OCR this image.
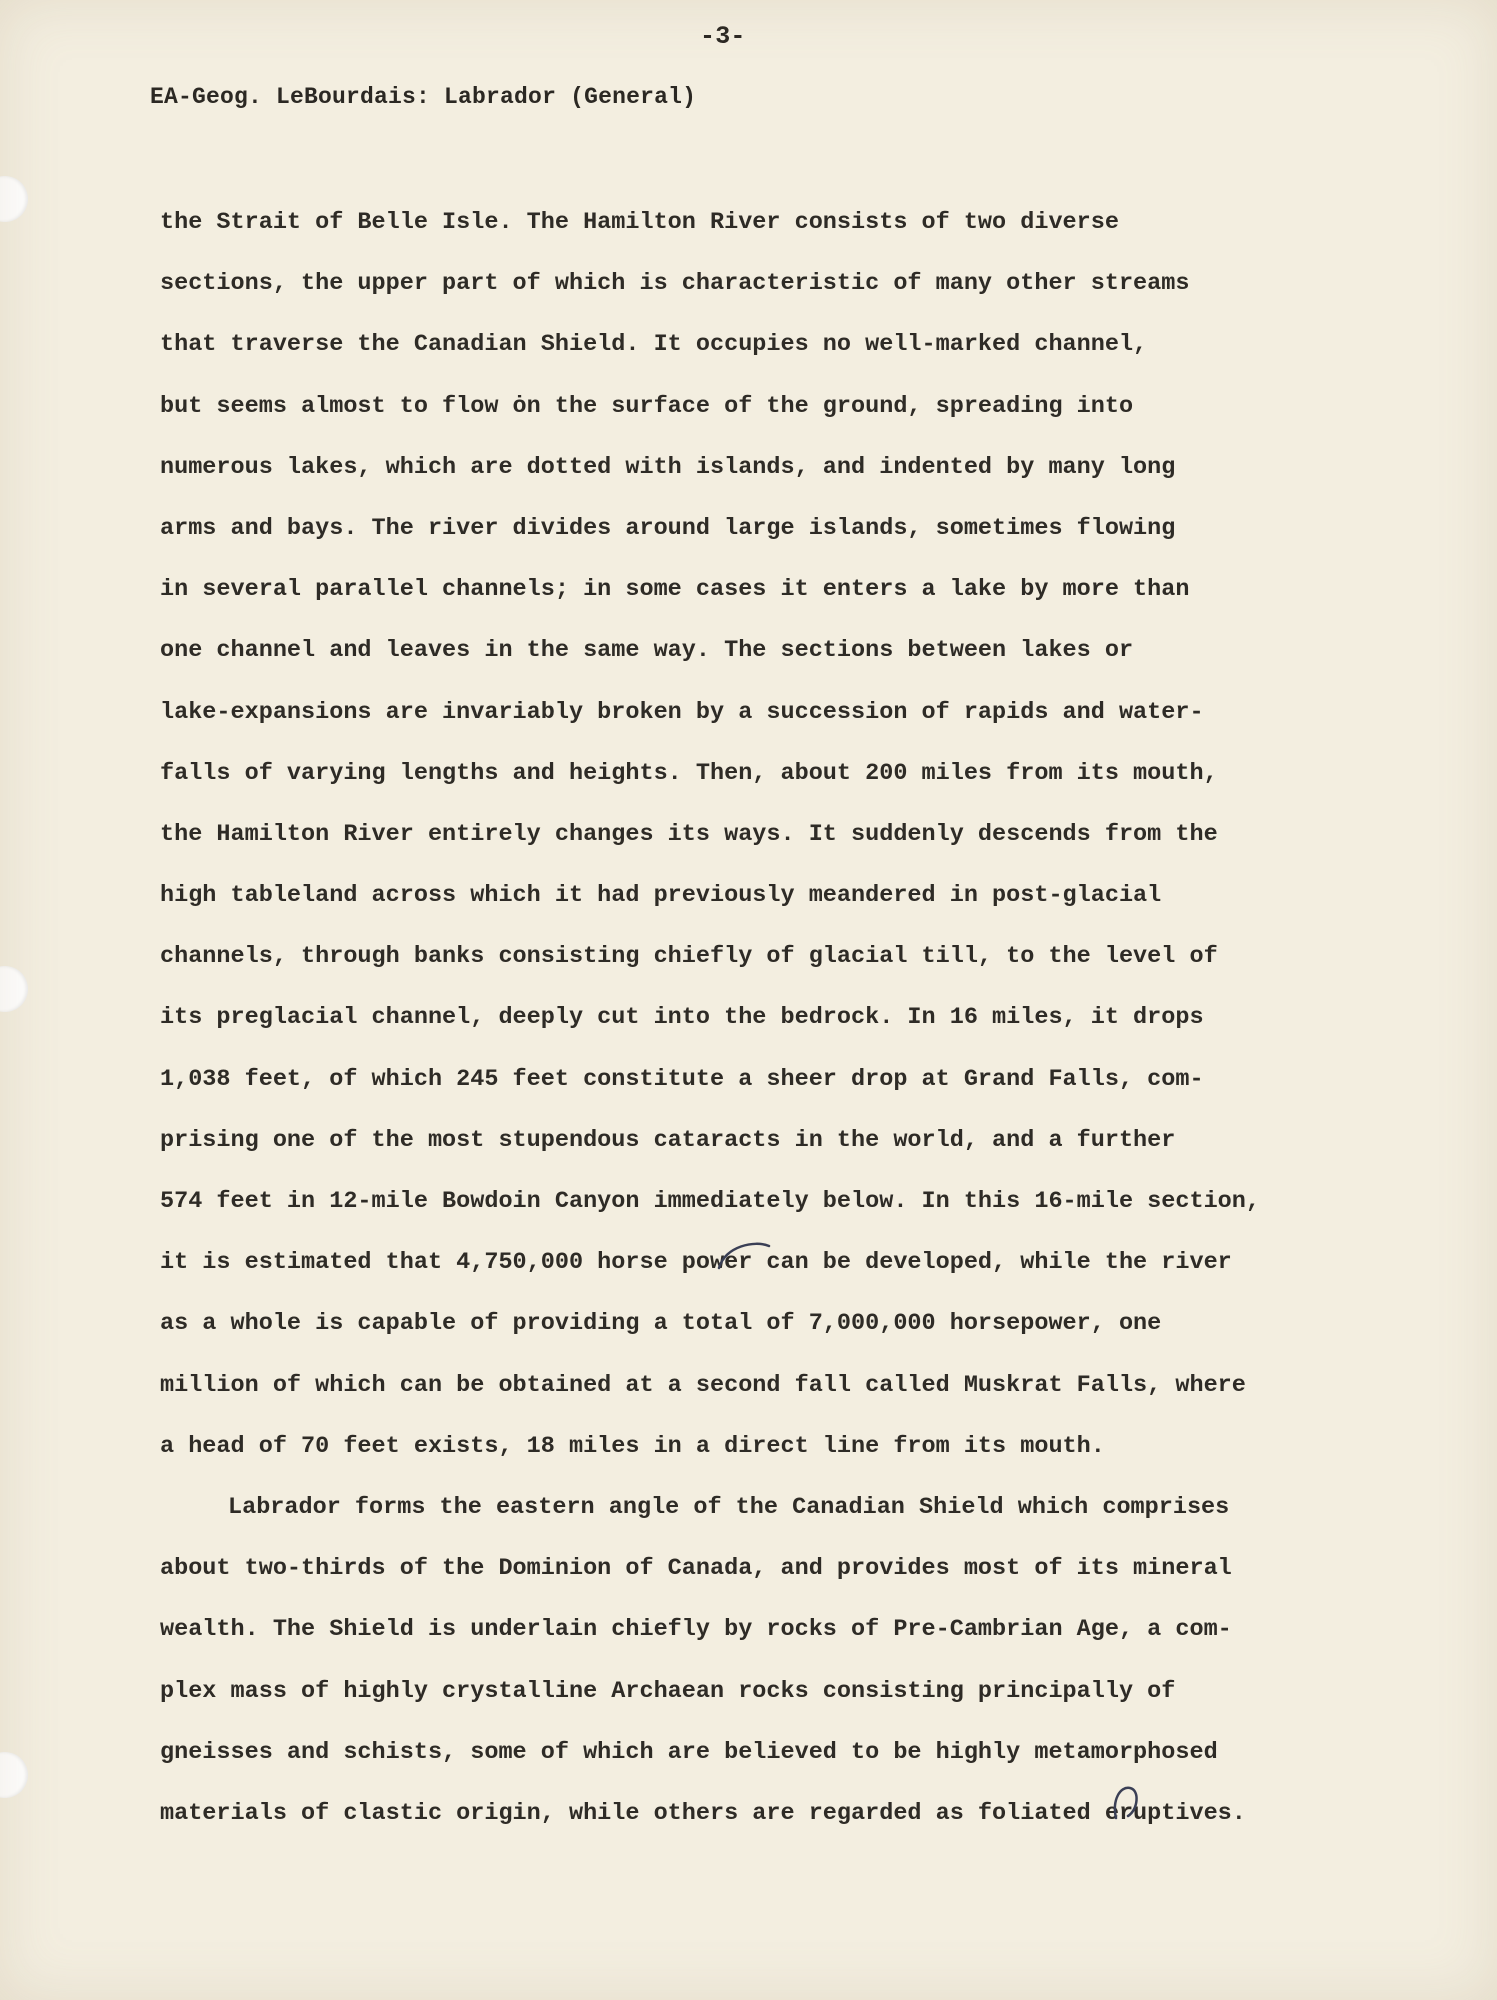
-3-
EA-Geog. LeBourdais: Labrador (General)
the Strait of Belle Isle. The Hamilton River consists of two diverse
sections, the upper part of which is characteristic of many other streams
that traverse the Canadian Shield. It occupies no well-marked channel,
but seems almost to flow ȯn the surface of the ground, spreading into
numerous lakes, which are dotted with islands, and indented by many long
arms and bays. The river divides around large islands, sometimes flowing
in several parallel channels; in some cases it enters a lake by more than
one channel and leaves in the same way. The sections between lakes or
lake-expansions are invariably broken by a succession of rapids and water-
falls of varying lengths and heights. Then, about 200 miles from its mouth,
the Hamilton River entirely changes its ways. It suddenly descends from the
high tableland across which it had previously meandered in post-glacial
channels, through banks consisting chiefly of glacial till, to the level of
its preglacial channel, deeply cut into the bedrock. In 16 miles, it drops
1,038 feet, of which 245 feet constitute a sheer drop at Grand Falls, com-
prising one of the most stupendous cataracts in the world, and a further
574 feet in 12-mile Bowdoin Canyon immediately below. In this 16-mile section,
it is estimated that 4,750,000 horse power can be developed, while the river
as a whole is capable of providing a total of 7,000,000 horsepower, one
million of which can be obtained at a second fall called Muskrat Falls, where
a head of 70 feet exists, 18 miles in a direct line from its mouth.
Labrador forms the eastern angle of the Canadian Shield which comprises
about two-thirds of the Dominion of Canada, and provides most of its mineral
wealth. The Shield is underlain chiefly by rocks of Pre-Cambrian Age, a com-
plex mass of highly crystalline Archaean rocks consisting principally of
gneisses and schists, some of which are believed to be highly metamorphosed
materials of clastic origin, while others are regarded as foliated eruptives.
